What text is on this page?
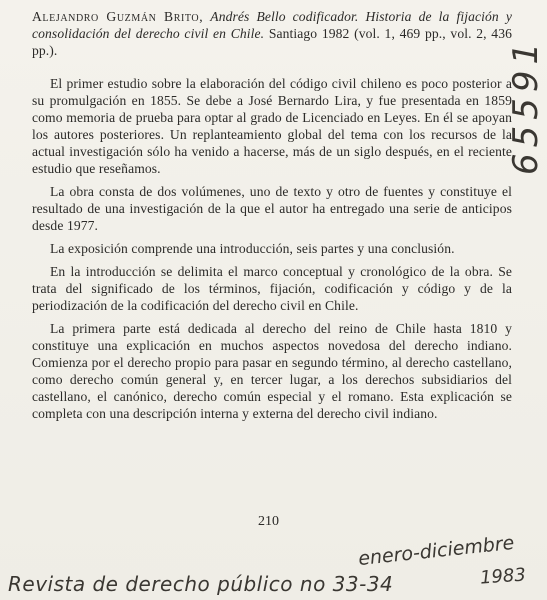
Alejandro Guzmán Brito, Andrés Bello codificador. Historia de la fijación y consolidación del derecho civil en Chile. Santiago 1982 (vol. 1, 469 pp., vol. 2, 436 pp.).

El primer estudio sobre la elaboración del código civil chileno es poco posterior a su promulgación en 1855. Se debe a José Bernardo Lira, y fue presentada en 1859 como memoria de prueba para optar al grado de Licenciado en Leyes. En él se apoyan los autores posteriores. Un replanteamiento global del tema con los recursos de la actual investigación sólo ha venido a hacerse, más de un siglo después, en el reciente estudio que reseñamos.

La obra consta de dos volúmenes, uno de texto y otro de fuentes y constituye el resultado de una investigación de la que el autor ha entregado una serie de anticipos desde 1977.

La exposición comprende una introducción, seis partes y una conclusión.

En la introducción se delimita el marco conceptual y cronológico de la obra. Se trata del significado de los términos, fijación, codificación y código y de la periodización de la codificación del derecho civil en Chile.

La primera parte está dedicada al derecho del reino de Chile hasta 1810 y constituye una explicación en muchos aspectos novedosa del derecho indiano. Comienza por el derecho propio para pasar en segundo término, al derecho castellano, como derecho común general y, en tercer lugar, a los derechos subsidiarios del castellano, el canónico, derecho común especial y el romano. Esta explicación se completa con una descripción interna y externa del derecho civil indiano.

210
65591
enero-diciembre
1983
Revista de derecho público no 33-34
